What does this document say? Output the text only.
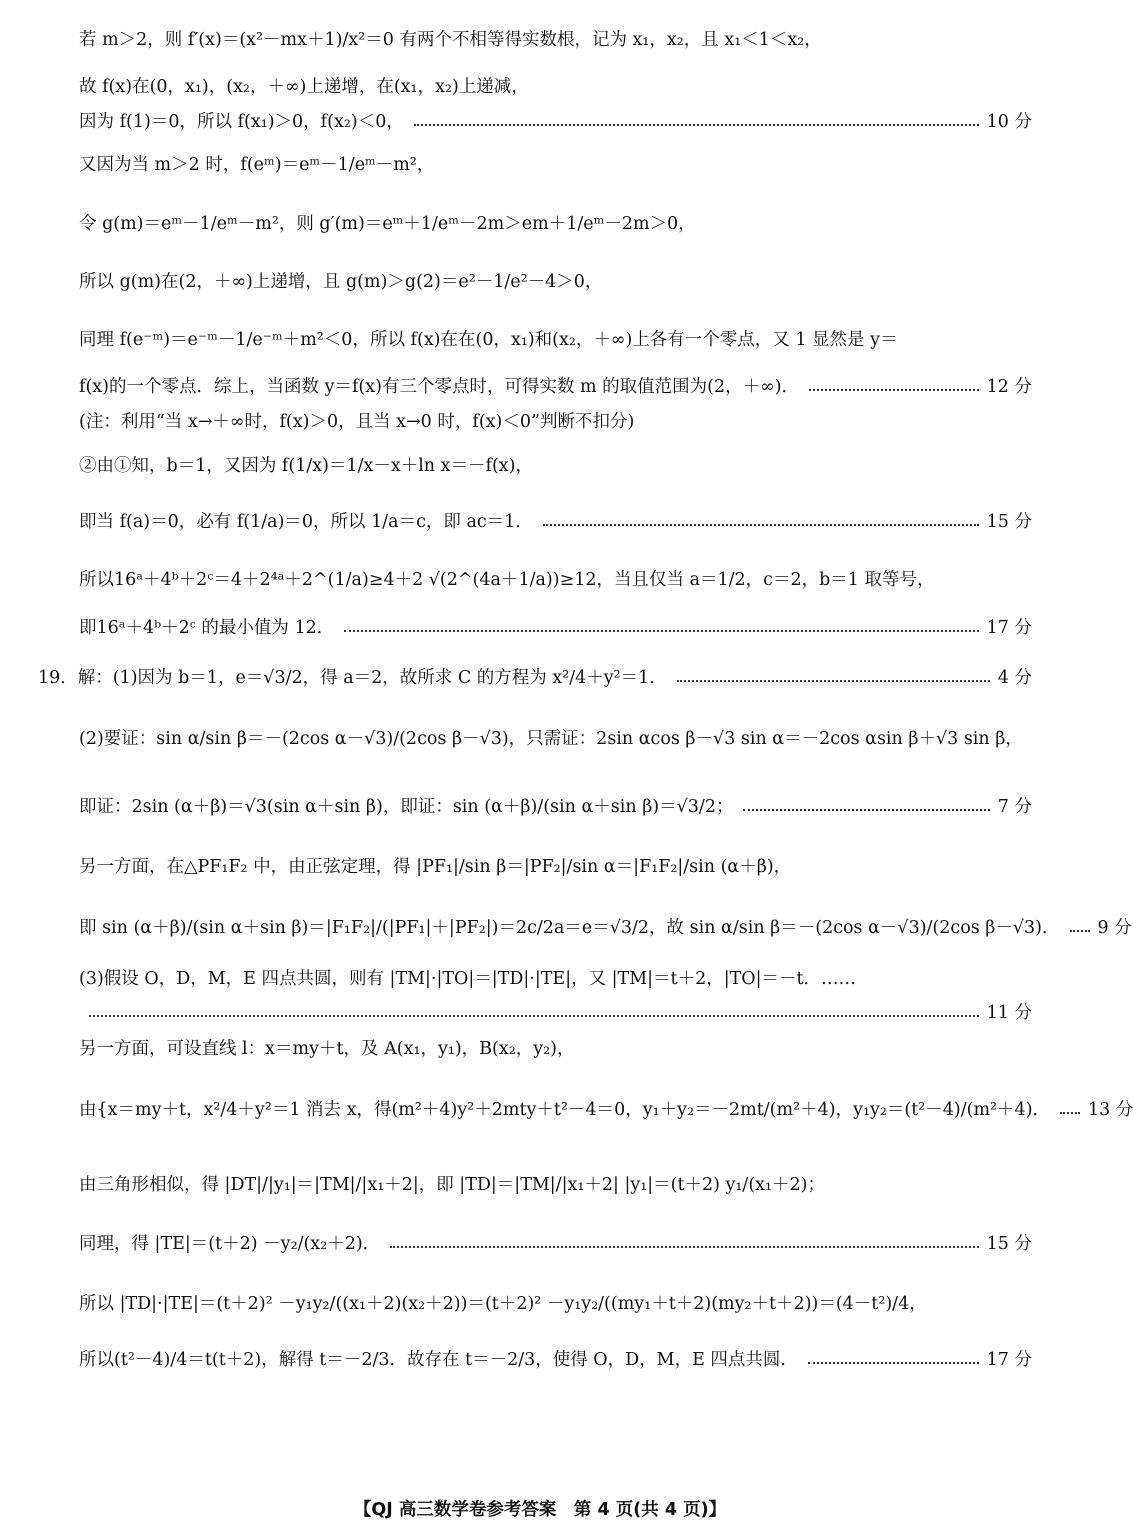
若 m＞2，则 f′(x)＝(x²－mx＋1)/x²＝0 有两个不相等得实数根，记为 x₁，x₂，且 x₁＜1＜x₂，
故 f(x)在(0，x₁)，(x₂，＋∞)上递增，在(x₁，x₂)上递减，
因为 f(1)＝0，所以 f(x₁)＞0，f(x₂)＜0，	10 分
又因为当 m＞2 时，f(eᵐ)＝eᵐ－1/eᵐ－m²，
令 g(m)＝eᵐ－1/eᵐ－m²，则 g′(m)＝eᵐ＋1/eᵐ－2m＞em＋1/eᵐ－2m＞0，
所以 g(m)在(2，＋∞)上递增，且 g(m)＞g(2)＝e²－1/e²－4＞0，
同理 f(e⁻ᵐ)＝e⁻ᵐ－1/e⁻ᵐ＋m²＜0，所以 f(x)在在(0，x₁)和(x₂，＋∞)上各有一个零点，又 1 显然是 y＝
f(x)的一个零点．综上，当函数 y＝f(x)有三个零点时，可得实数 m 的取值范围为(2，＋∞)．	12 分
(注：利用“当 x→＋∞时，f(x)＞0，且当 x→0 时，f(x)＜0”判断不扣分)
②由①知，b＝1，又因为 f(1/x)＝1/x－x＋ln x＝－f(x)，
即当 f(a)＝0，必有 f(1/a)＝0，所以 1/a＝c，即 ac＝1．	15 分
所以16ᵃ＋4ᵇ＋2ᶜ＝4＋2⁴ᵃ＋2^(1/a)≥4＋2 √(2^(4a＋1/a))≥12，当且仅当 a＝1/2，c＝2，b＝1 取等号，
即16ᵃ＋4ᵇ＋2ᶜ 的最小值为 12．	17 分
19．解：(1)因为 b＝1，e＝√3/2，得 a＝2，故所求 C 的方程为 x²/4＋y²＝1．	4 分
(2)要证：sin α/sin β＝－(2cos α－√3)/(2cos β－√3)，只需证：2sin αcos β－√3 sin α＝－2cos αsin β＋√3 sin β，
即证：2sin (α＋β)＝√3(sin α＋sin β)，即证：sin (α＋β)/(sin α＋sin β)＝√3/2；	7 分
另一方面，在△PF₁F₂ 中，由正弦定理，得 |PF₁|/sin β＝|PF₂|/sin α＝|F₁F₂|/sin (α＋β)，
即 sin (α＋β)/(sin α＋sin β)＝|F₁F₂|/(|PF₁|＋|PF₂|)＝2c/2a＝e＝√3/2，故 sin α/sin β＝－(2cos α－√3)/(2cos β－√3)． 9 分
(3)假设 O，D，M，E 四点共圆，则有 |TM|·|TO|＝|TD|·|TE|，又 |TM|＝t＋2，|TO|＝－t．……
11 分
另一方面，可设直线 l：x＝my＋t，及 A(x₁，y₁)，B(x₂，y₂)，
由{x＝my＋t，x²/4＋y²＝1 消去 x，得(m²＋4)y²＋2mty＋t²－4＝0，y₁＋y₂＝－2mt/(m²＋4)，y₁y₂＝(t²－4)/(m²＋4)． 13 分
由三角形相似，得 |DT|/|y₁|＝|TM|/|x₁＋2|，即 |TD|＝|TM|/|x₁＋2| |y₁|＝(t＋2) y₁/(x₁＋2)；
同理，得 |TE|＝(t＋2) －y₂/(x₂＋2)．	15 分
所以 |TD|·|TE|＝(t＋2)² －y₁y₂/((x₁＋2)(x₂＋2))＝(t＋2)² －y₁y₂/((my₁＋t＋2)(my₂＋t＋2))＝(4－t²)/4，
所以(t²－4)/4＝t(t＋2)，解得 t＝－2/3．故存在 t＝－2/3，使得 O，D，M，E 四点共圆．	17 分
【QJ 高三数学卷参考答案　第 4 页(共 4 页)】
